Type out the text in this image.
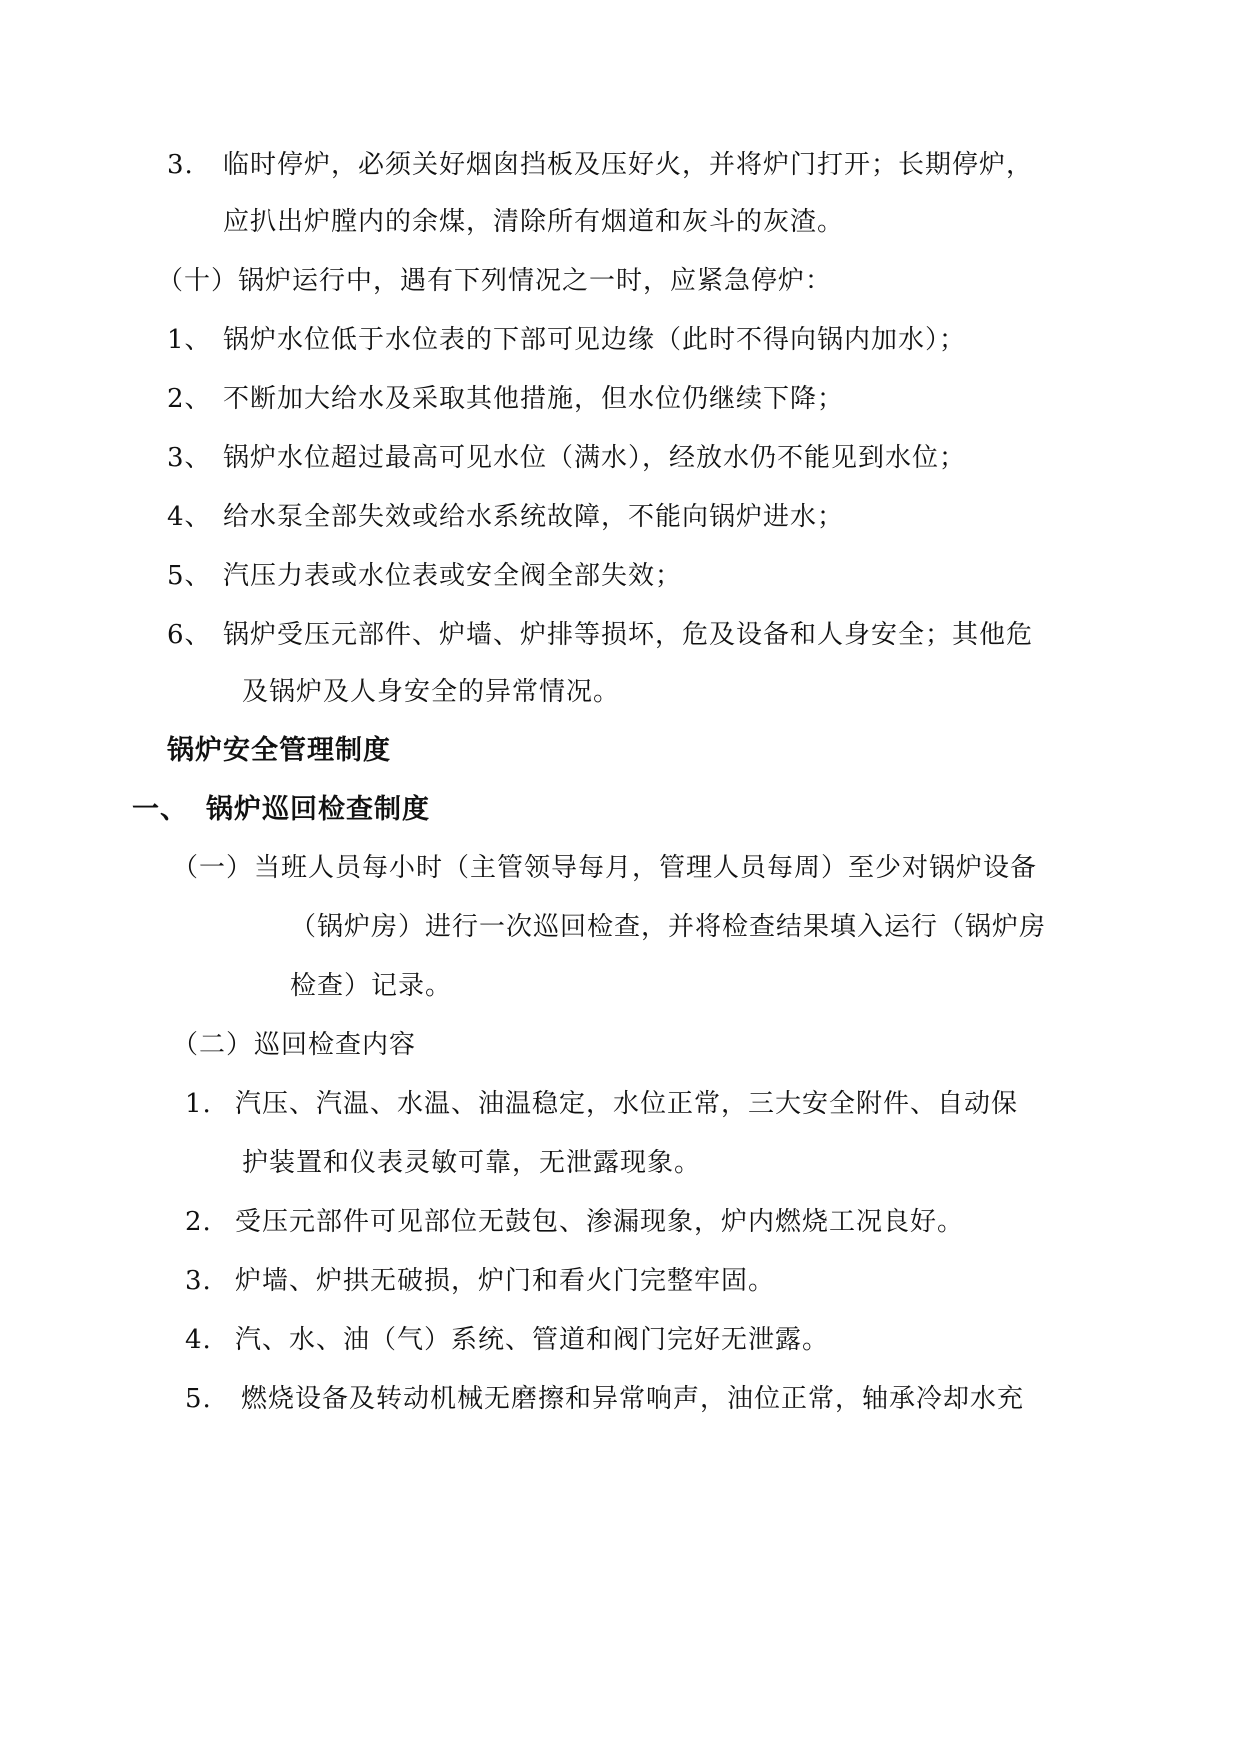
3. 临时停炉，必须关好烟囱挡板及压好火，并将炉门打开；长期停炉，
应扒出炉膛内的余煤，清除所有烟道和灰斗的灰渣。
（十）锅炉运行中，遇有下列情况之一时，应紧急停炉：
1、 锅炉水位低于水位表的下部可见边缘（此时不得向锅内加水）；
2、 不断加大给水及采取其他措施，但水位仍继续下降；
3、 锅炉水位超过最高可见水位（满水），经放水仍不能见到水位；
4、 给水泵全部失效或给水系统故障，不能向锅炉进水；
5、 汽压力表或水位表或安全阀全部失效；
6、 锅炉受压元部件、炉墙、炉排等损坏，危及设备和人身安全；其他危
及锅炉及人身安全的异常情况。
锅炉安全管理制度
一、 锅炉巡回检查制度
（一）当班人员每小时（主管领导每月，管理人员每周）至少对锅炉设备
（锅炉房）进行一次巡回检查，并将检查结果填入运行（锅炉房
检查）记录。
（二）巡回检查内容
1. 汽压、汽温、水温、油温稳定，水位正常，三大安全附件、自动保
护装置和仪表灵敏可靠，无泄露现象。
2. 受压元部件可见部位无鼓包、渗漏现象，炉内燃烧工况良好。
3. 炉墙、炉拱无破损，炉门和看火门完整牢固。
4. 汽、水、油（气）系统、管道和阀门完好无泄露。
5. 燃烧设备及转动机械无磨擦和异常响声，油位正常，轴承冷却水充
